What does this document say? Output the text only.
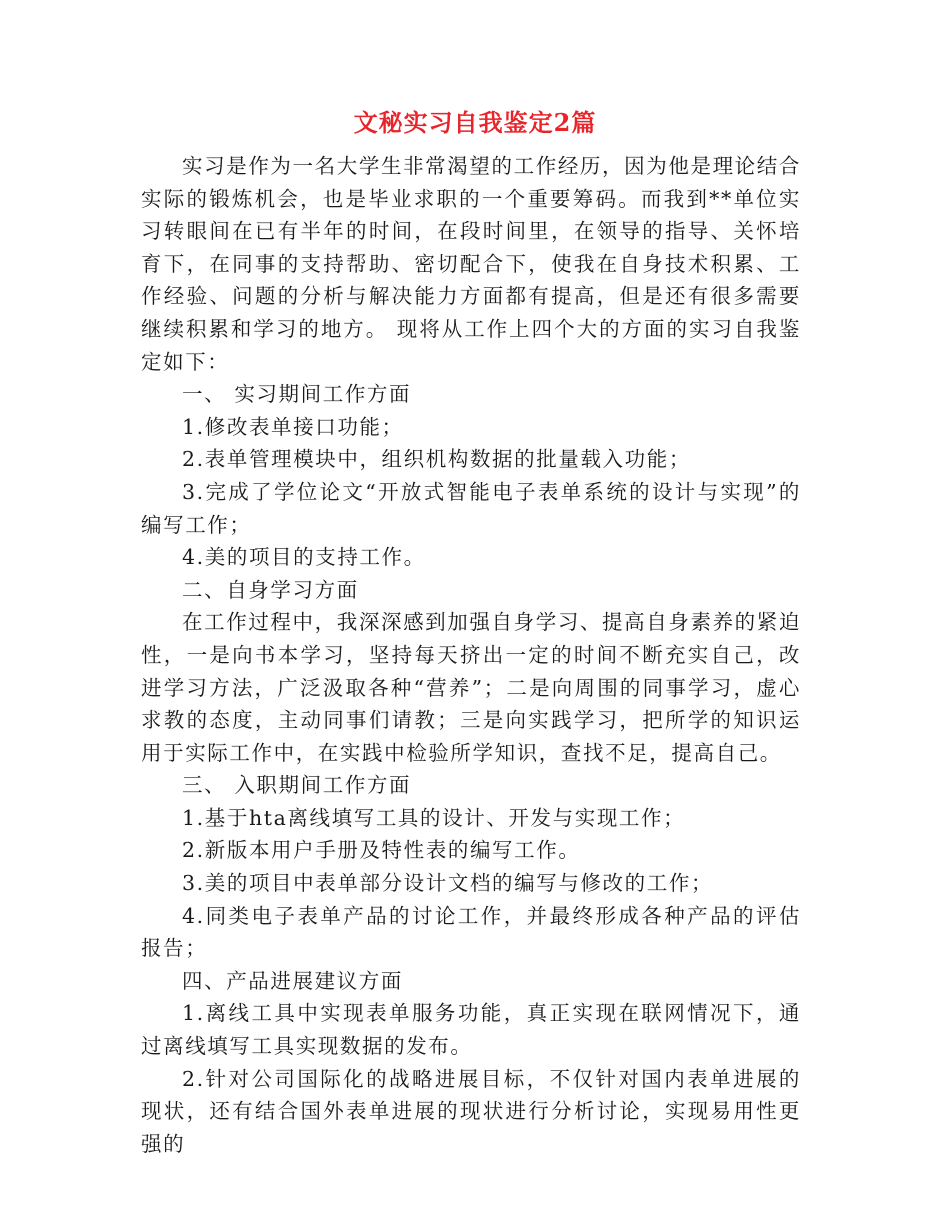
文秘实习自我鉴定2篇

实习是作为一名大学生非常渴望的工作经历，因为他是理论结合实际的锻炼机会，也是毕业求职的一个重要筹码。而我到**单位实习转眼间在已有半年的时间，在段时间里，在领导的指导、关怀培育下，在同事的支持帮助、密切配合下，使我在自身技术积累、工作经验、问题的分析与解决能力方面都有提高，但是还有很多需要继续积累和学习的地方。 现将从工作上四个大的方面的实习自我鉴定如下：

一、 实习期间工作方面

1.修改表单接口功能；

2.表单管理模块中，组织机构数据的批量载入功能；

3.完成了学位论文“开放式智能电子表单系统的设计与实现”的编写工作；

4.美的项目的支持工作。

二、自身学习方面

在工作过程中，我深深感到加强自身学习、提高自身素养的紧迫性，一是向书本学习，坚持每天挤出一定的时间不断充实自己，改进学习方法，广泛汲取各种“营养”；二是向周围的同事学习，虚心求教的态度，主动同事们请教；三是向实践学习，把所学的知识运用于实际工作中，在实践中检验所学知识，查找不足，提高自己。

三、 入职期间工作方面

1.基于hta离线填写工具的设计、开发与实现工作；

2.新版本用户手册及特性表的编写工作。

3.美的项目中表单部分设计文档的编写与修改的工作；

4.同类电子表单产品的讨论工作，并最终形成各种产品的评估报告；

四、产品进展建议方面

1.离线工具中实现表单服务功能，真正实现在联网情况下，通过离线填写工具实现数据的发布。

2.针对公司国际化的战略进展目标，不仅针对国内表单进展的现状，还有结合国外表单进展的现状进行分析讨论，实现易用性更强的
